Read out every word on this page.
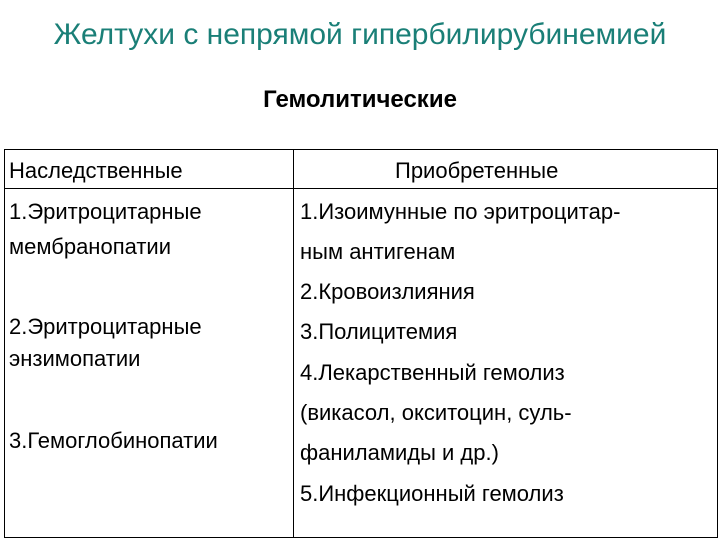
Желтухи с непрямой гипербилирубинемией
Гемолитические
Наследственные	Приобретенные
1.Эритроцитарные
мембранопатии
2.Эритроцитарные
энзимопатии
3.Гемоглобинопатии
1.Изоимунные по эритроцитар-
ным антигенам
2.Кровоизлияния
3.Полицитемия
4.Лекарственный гемолиз
(викасол, окситоцин, суль-
фаниламиды и др.)
5.Инфекционный гемолиз
